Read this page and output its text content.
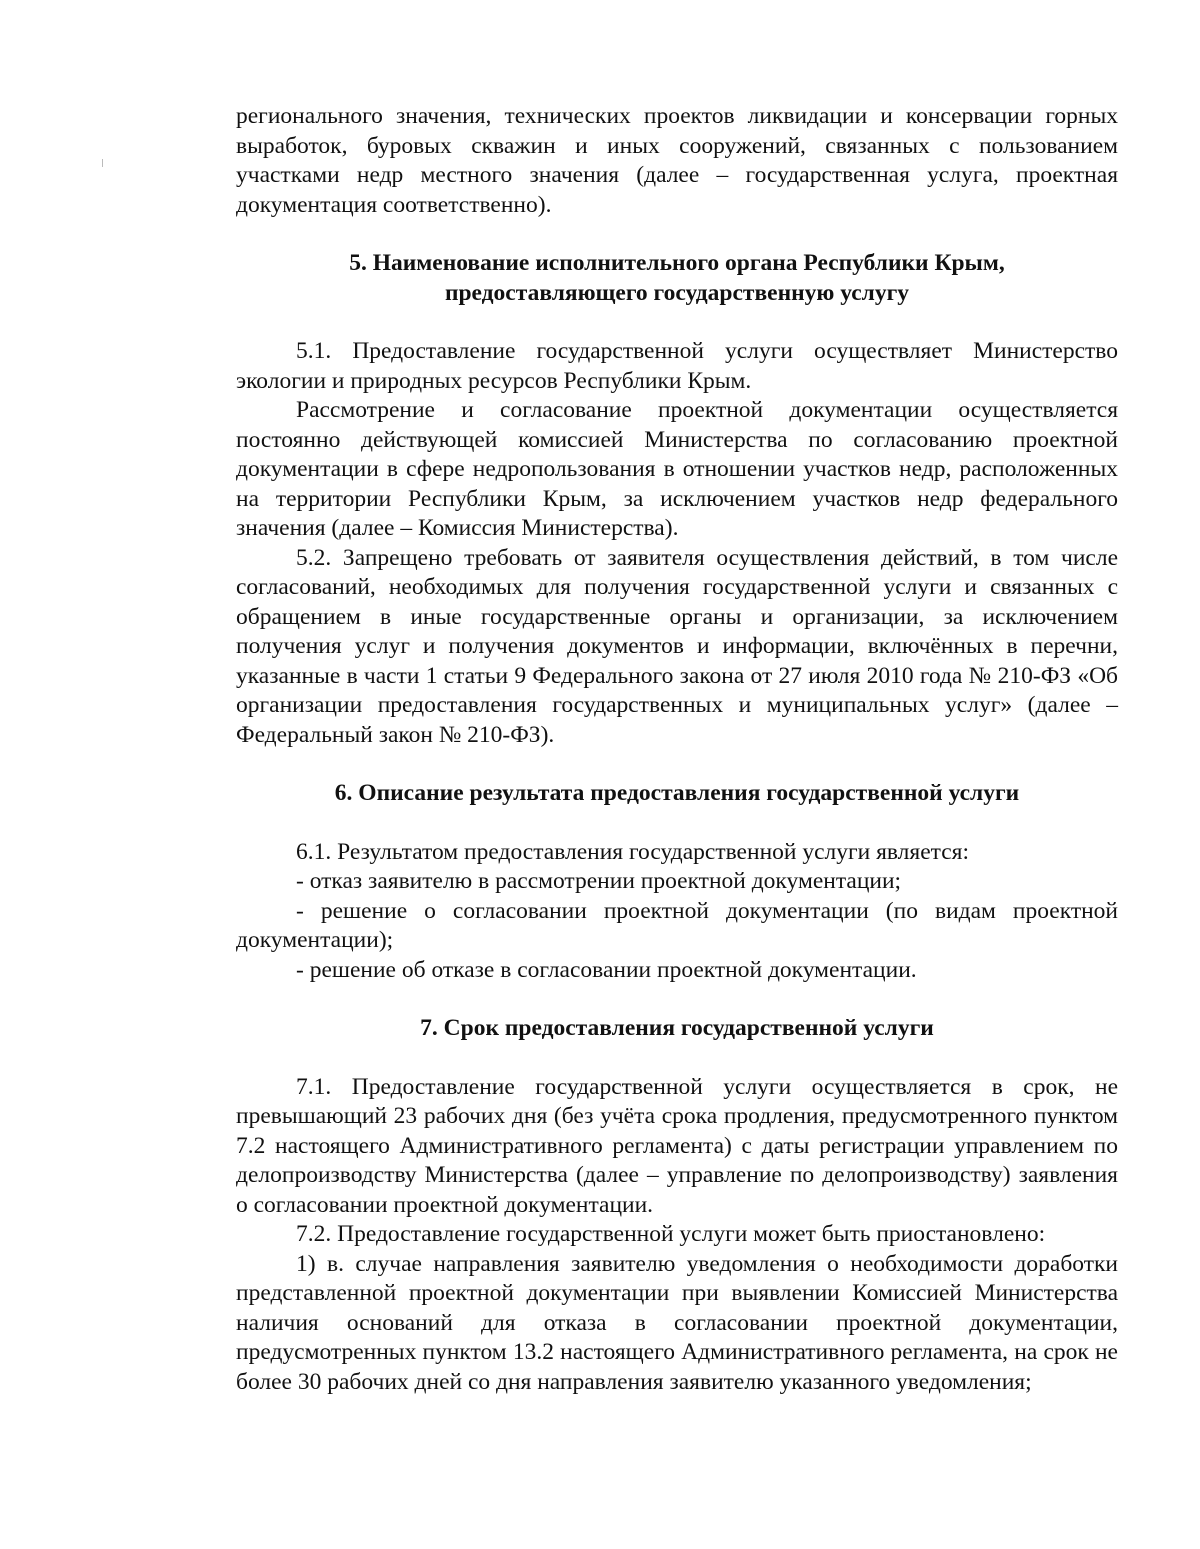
регионального значения, технических проектов ликвидации и консервации горных выработок, буровых скважин и иных сооружений, связанных с пользованием участками недр местного значения (далее – государственная услуга, проектная документация соответственно).

5. Наименование исполнительного органа Республики Крым,
предоставляющего государственную услугу

5.1. Предоставление государственной услуги осуществляет Министерство экологии и природных ресурсов Республики Крым.

Рассмотрение и согласование проектной документации осуществляется постоянно действующей комиссией Министерства по согласованию проектной документации в сфере недропользования в отношении участков недр, расположенных на территории Республики Крым, за исключением участков недр федерального значения (далее – Комиссия Министерства).

5.2. Запрещено требовать от заявителя осуществления действий, в том числе согласований, необходимых для получения государственной услуги и связанных с обращением в иные государственные органы и организации, за исключением получения услуг и получения документов и информации, включённых в перечни, указанные в части 1 статьи 9 Федерального закона от 27 июля 2010 года № 210-ФЗ «Об организации предоставления государственных и муниципальных услуг» (далее – Федеральный закон № 210-ФЗ).

6. Описание результата предоставления государственной услуги

6.1. Результатом предоставления государственной услуги является:

- отказ заявителю в рассмотрении проектной документации;

- решение о согласовании проектной документации (по видам проектной документации);

- решение об отказе в согласовании проектной документации.

7. Срок предоставления государственной услуги

7.1. Предоставление государственной услуги осуществляется в срок, не превышающий 23 рабочих дня (без учёта срока продления, предусмотренного пунктом 7.2 настоящего Административного регламента) с даты регистрации управлением по делопроизводству Министерства (далее – управление по делопроизводству) заявления о согласовании проектной документации.

7.2. Предоставление государственной услуги может быть приостановлено:

1) в. случае направления заявителю уведомления о необходимости доработки представленной проектной документации при выявлении Комиссией Министерства наличия оснований для отказа в согласовании проектной документации, предусмотренных пунктом 13.2 настоящего Административного регламента, на срок не более 30 рабочих дней со дня направления заявителю указанного уведомления;
